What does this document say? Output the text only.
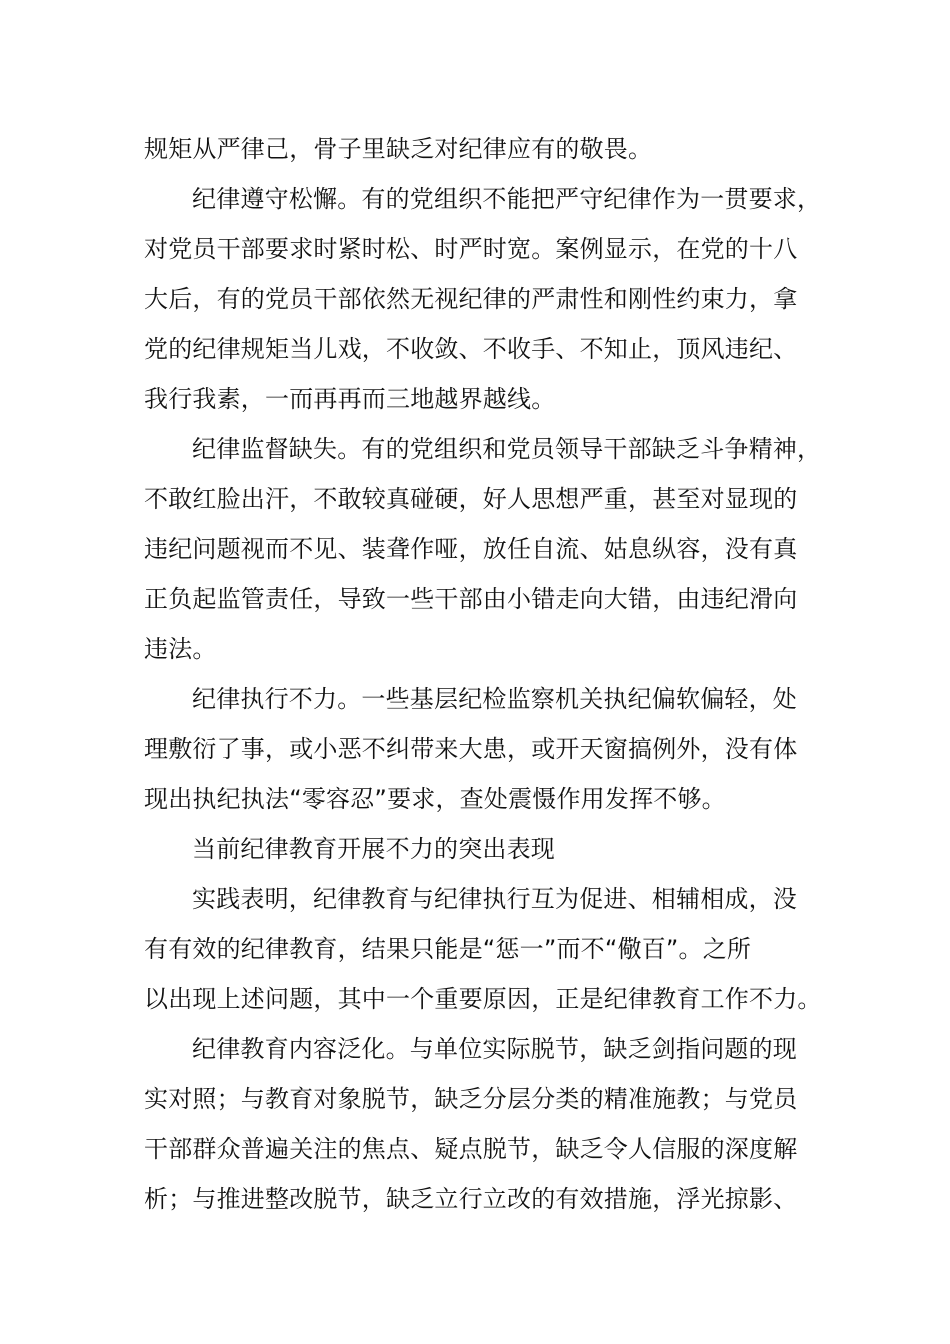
规矩从严律己，骨子里缺乏对纪律应有的敬畏。
纪律遵守松懈。有的党组织不能把严守纪律作为一贯要求，
对党员干部要求时紧时松、时严时宽。案例显示，在党的十八
大后，有的党员干部依然无视纪律的严肃性和刚性约束力，拿
党的纪律规矩当儿戏，不收敛、不收手、不知止，顶风违纪、
我行我素，一而再再而三地越界越线。
纪律监督缺失。有的党组织和党员领导干部缺乏斗争精神，
不敢红脸出汗，不敢较真碰硬，好人思想严重，甚至对显现的
违纪问题视而不见、装聋作哑，放任自流、姑息纵容，没有真
正负起监管责任，导致一些干部由小错走向大错，由违纪滑向
违法。
纪律执行不力。一些基层纪检监察机关执纪偏软偏轻，处
理敷衍了事，或小恶不纠带来大患，或开天窗搞例外，没有体
现出执纪执法“零容忍”要求，查处震慑作用发挥不够。
当前纪律教育开展不力的突出表现
实践表明，纪律教育与纪律执行互为促进、相辅相成，没
有有效的纪律教育，结果只能是“惩一”而不“儆百”。之所
以出现上述问题，其中一个重要原因，正是纪律教育工作不力。
纪律教育内容泛化。与单位实际脱节，缺乏剑指问题的现
实对照；与教育对象脱节，缺乏分层分类的精准施教；与党员
干部群众普遍关注的焦点、疑点脱节，缺乏令人信服的深度解
析；与推进整改脱节，缺乏立行立改的有效措施，浮光掠影、
